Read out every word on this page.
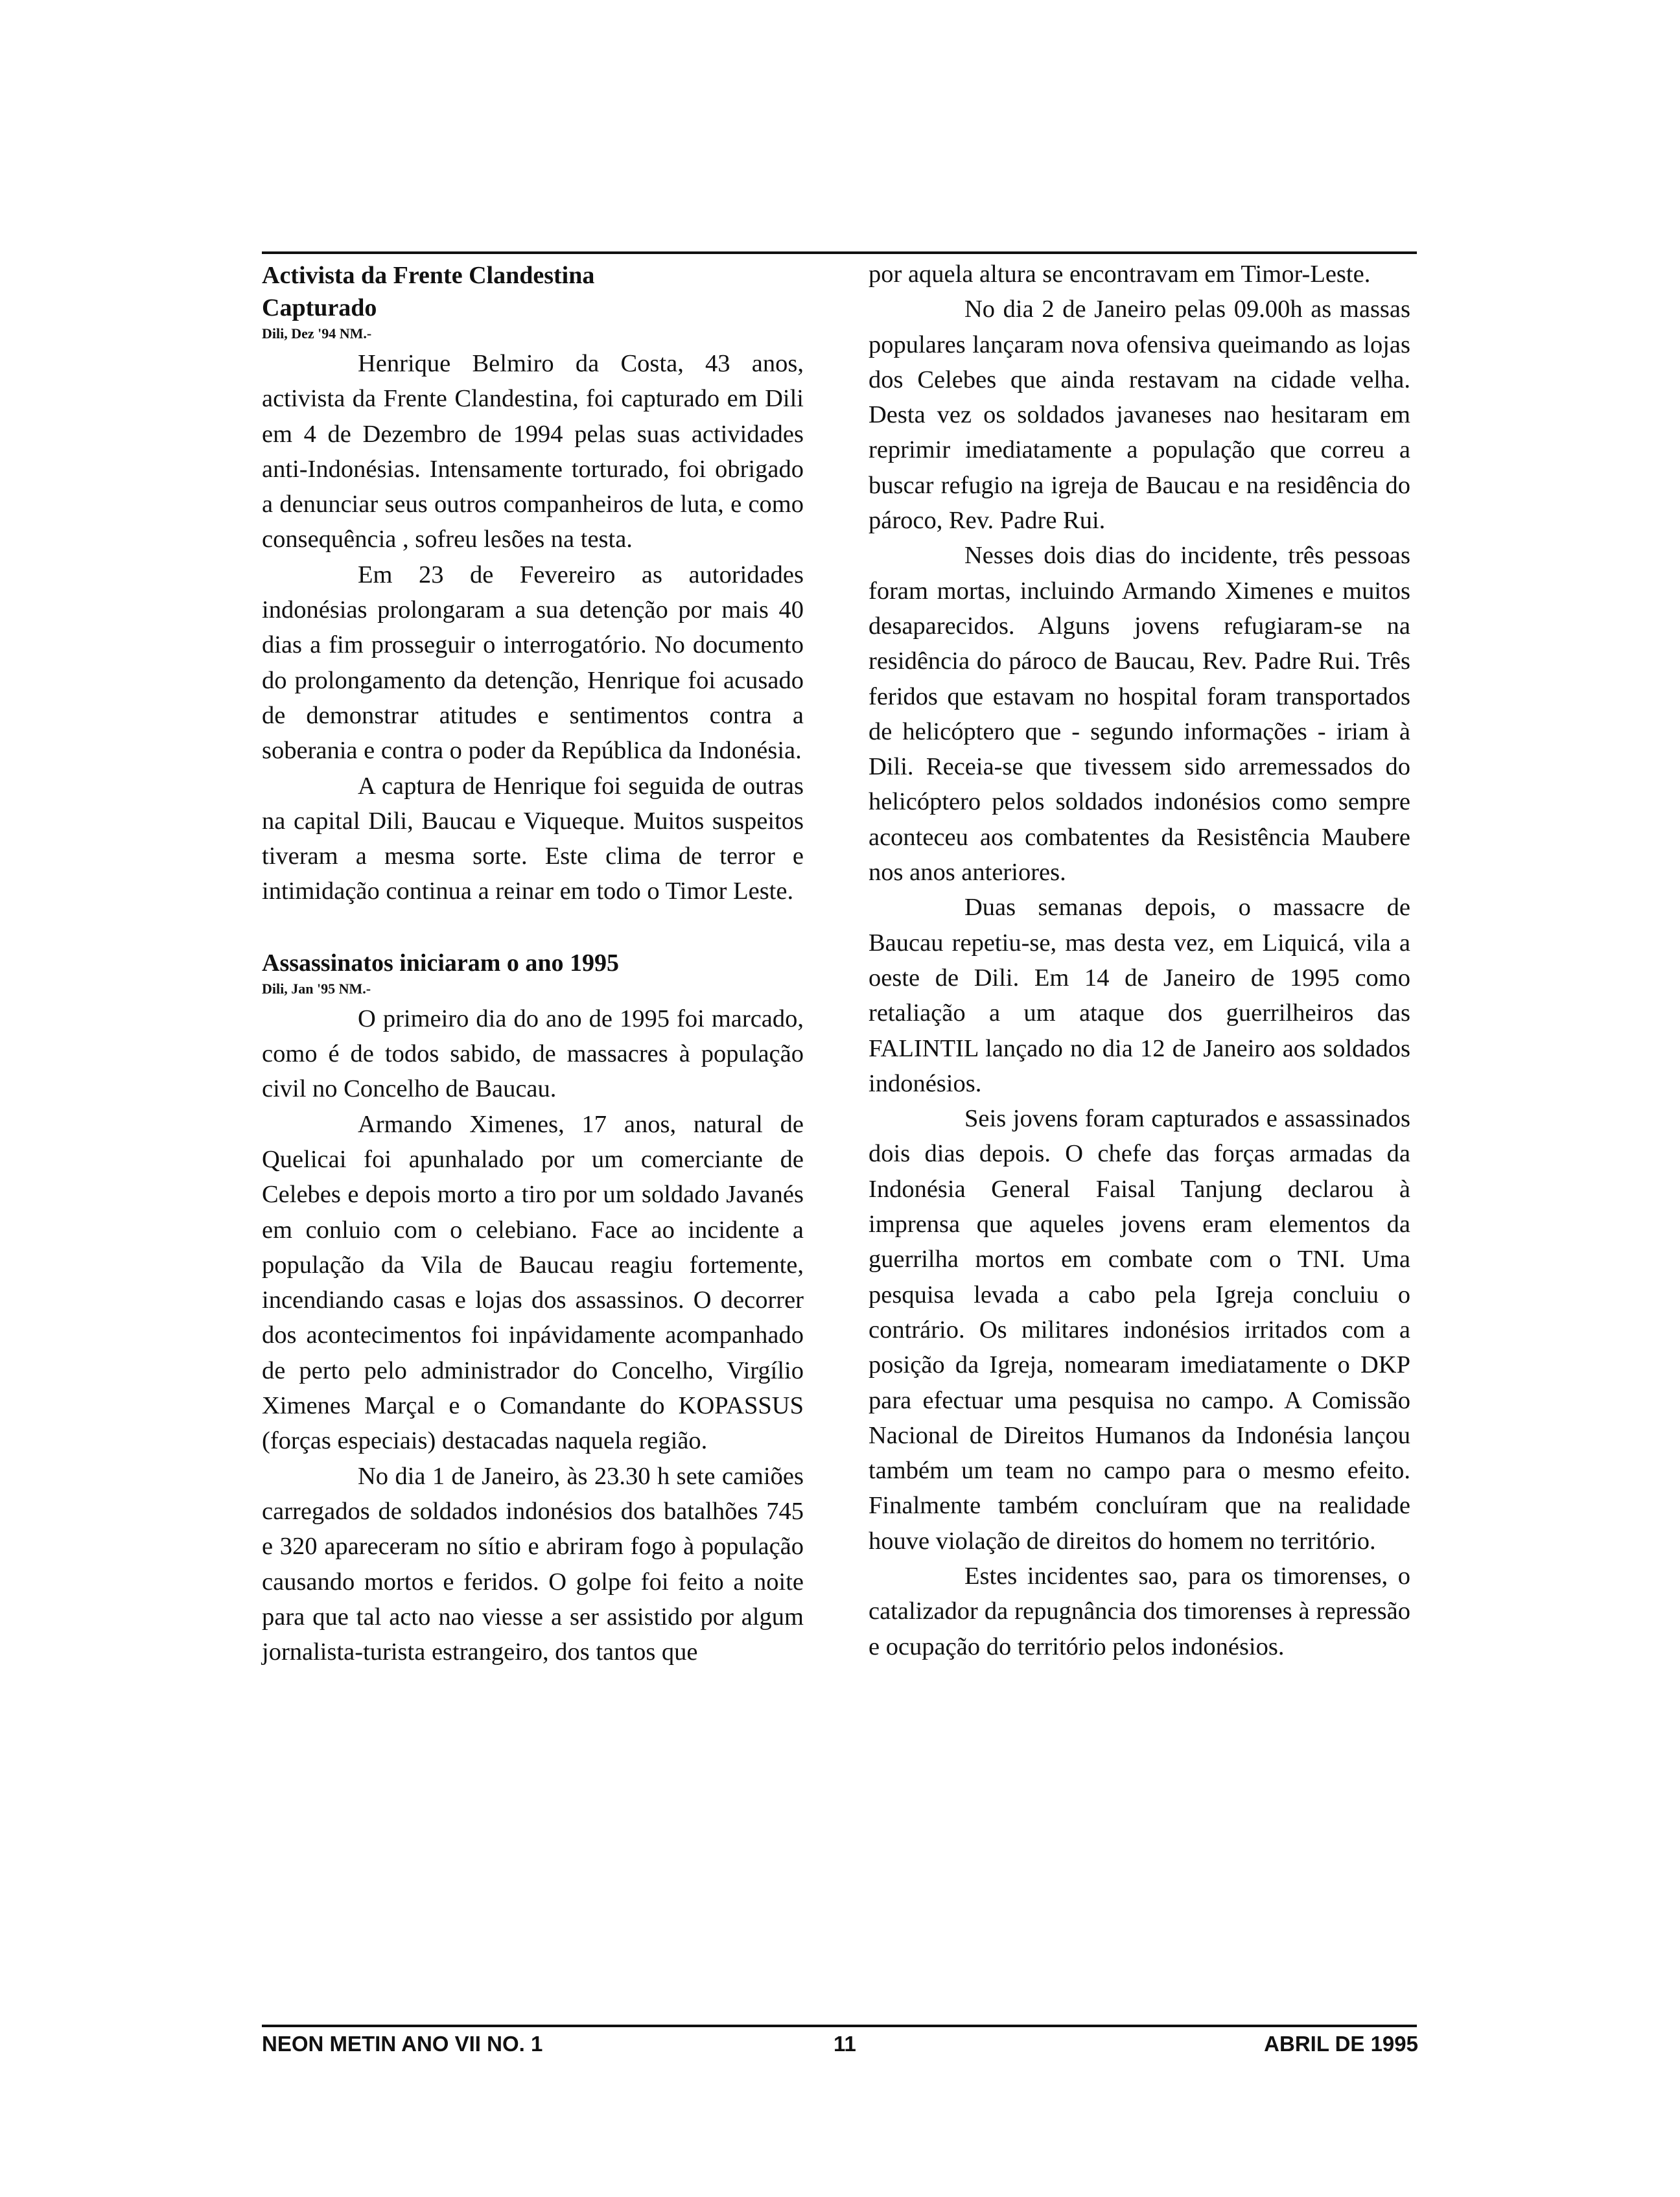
Activista da Frente Clandestina
Capturado
Dili, Dez '94 NM.-

Henrique Belmiro da Costa, 43 anos, activista da Frente Clandestina, foi capturado em Dili em 4 de Dezembro de 1994 pelas suas actividades anti-Indonésias. Intensamente torturado, foi obrigado a denunciar seus outros companheiros de luta, e como consequência , sofreu lesões na testa.

Em 23 de Fevereiro as autoridades indonésias prolongaram a sua detenção por mais 40 dias a fim prosseguir o interrogatório. No documento do prolongamento da detenção, Henrique foi acusado de demonstrar atitudes e sentimentos contra a soberania e contra o poder da República da Indonésia.

A captura de Henrique foi seguida de outras na capital Dili, Baucau e Viqueque. Muitos suspeitos tiveram a mesma sorte. Este clima de terror e intimidação continua a reinar em todo o Timor Leste.

Assassinatos iniciaram o ano 1995
Dili, Jan '95 NM.-

O primeiro dia do ano de 1995 foi marcado, como é de todos sabido, de massacres à população civil no Concelho de Baucau.

Armando Ximenes, 17 anos, natural de Quelicai foi apunhalado por um comerciante de Celebes e depois morto a tiro por um soldado Javanés em conluio com o celebiano. Face ao incidente a população da Vila de Baucau reagiu fortemente, incendiando casas e lojas dos assassinos. O decorrer dos acontecimentos foi inpávidamente acompanhado de perto pelo administrador do Concelho, Virgílio Ximenes Marçal e o Comandante do KOPASSUS (forças especiais) destacadas naquela região.

No dia 1 de Janeiro, às 23.30 h sete camiões carregados de soldados indonésios dos batalhões 745 e 320 apareceram no sítio e abriram fogo à população causando mortos e feridos. O golpe foi feito a noite para que tal acto nao viesse a ser assistido por algum jornalista-turista estrangeiro, dos tantos que

por aquela altura se encontravam em Timor-Leste.

No dia 2 de Janeiro pelas 09.00h as massas populares lançaram nova ofensiva queimando as lojas dos Celebes que ainda restavam na cidade velha. Desta vez os soldados javaneses nao hesitaram em reprimir imediatamente a população que correu a buscar refugio na igreja de Baucau e na residência do pároco, Rev. Padre Rui.

Nesses dois dias do incidente, três pessoas foram mortas, incluindo Armando Ximenes e muitos desaparecidos. Alguns jovens refugiaram-se na residência do pároco de Baucau, Rev. Padre Rui. Três feridos que estavam no hospital foram transportados de helicóptero que - segundo informações - iriam à Dili. Receia-se que tivessem sido arremessados do helicóptero pelos soldados indonésios como sempre aconteceu aos combatentes da Resistência Maubere nos anos anteriores.

Duas semanas depois, o massacre de Baucau repetiu-se, mas desta vez, em Liquicá, vila a oeste de Dili. Em 14 de Janeiro de 1995 como retaliação a um ataque dos guerrilheiros das FALINTIL lançado no dia 12 de Janeiro aos soldados indonésios.

Seis jovens foram capturados e assassinados dois dias depois. O chefe das forças armadas da Indonésia General Faisal Tanjung declarou à imprensa que aqueles jovens eram elementos da guerrilha mortos em combate com o TNI. Uma pesquisa levada a cabo pela Igreja concluiu o contrário. Os militares indonésios irritados com a posição da Igreja, nomearam imediatamente o DKP para efectuar uma pesquisa no campo. A Comissão Nacional de Direitos Humanos da Indonésia lançou também um team no campo para o mesmo efeito. Finalmente também concluíram que na realidade houve violação de direitos do homem no território.

Estes incidentes sao, para os timorenses, o catalizador da repugnância dos timorenses à repressão e ocupação do território pelos indonésios.

NEON METIN ANO VII NO. 1	11	ABRIL DE 1995
